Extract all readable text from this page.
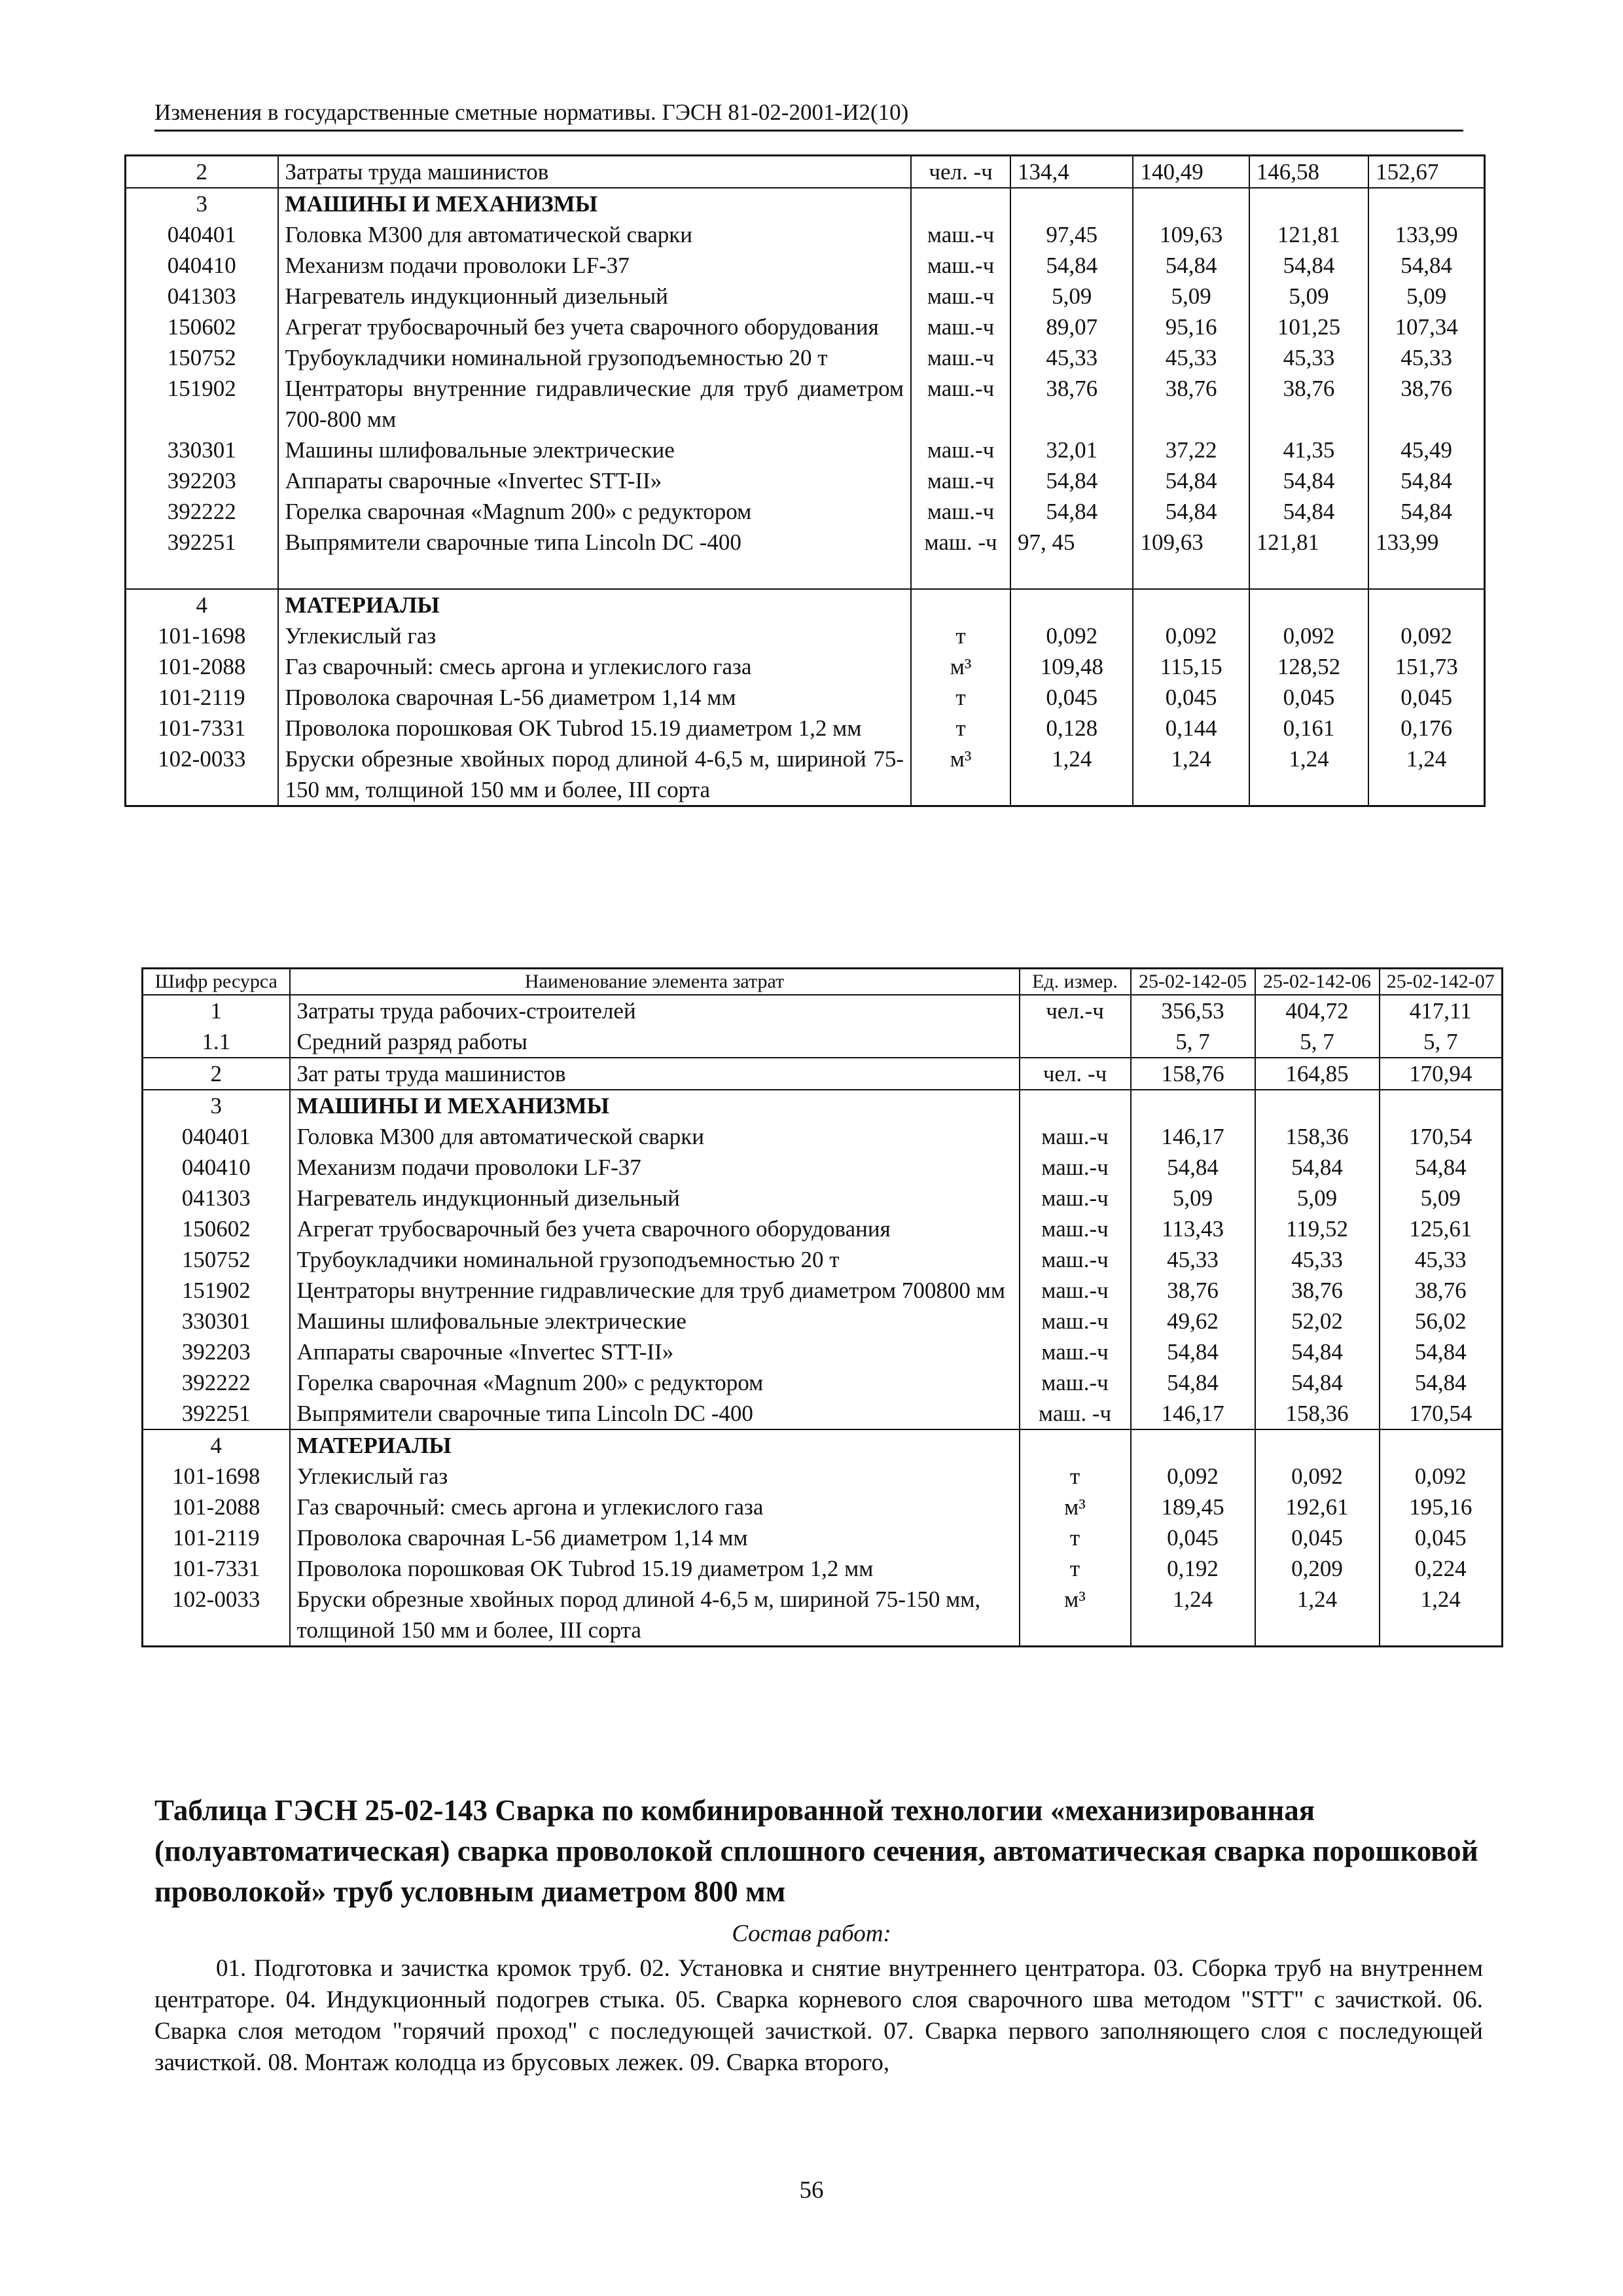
Изменения в государственные сметные нормативы. ГЭСН 81-02-2001-И2(10)
2	Затраты труда машинистов	чел. -ч	134,4	140,49	146,58	152,67
3	МАШИНЫ И МЕХАНИЗМЫ					
040401	Головка М300 для автоматической сварки	маш.-ч	97,45	109,63	121,81	133,99
040410	Механизм подачи проволоки LF-37	маш.-ч	54,84	54,84	54,84	54,84
041303	Нагреватель индукционный дизельный	маш.-ч	5,09	5,09	5,09	5,09
150602	Агрегат трубосварочный без учета сварочного оборудования	маш.-ч	89,07	95,16	101,25	107,34
150752	Трубоукладчики номинальной грузоподъемностью 20 т	маш.-ч	45,33	45,33	45,33	45,33
151902	Центраторы внутренние гидравлические для труб диаметром 700-800 мм	маш.-ч	38,76	38,76	38,76	38,76
330301	Машины шлифовальные электрические	маш.-ч	32,01	37,22	41,35	45,49
392203	Аппараты сварочные «Invertec STT-II»	маш.-ч	54,84	54,84	54,84	54,84
392222	Горелка сварочная «Magnum 200» с редуктором	маш.-ч	54,84	54,84	54,84	54,84
392251	Выпрямители сварочные типа Lincoln DC -400	маш. -ч	97, 45	109,63	121,81	133,99

4	МАТЕРИАЛЫ					
101-1698	Углекислый газ	т	0,092	0,092	0,092	0,092
101-2088	Газ сварочный: смесь аргона и углекислого газа	м³	109,48	115,15	128,52	151,73
101-2119	Проволока сварочная L-56 диаметром 1,14 мм	т	0,045	0,045	0,045	0,045
101-7331	Проволока порошковая OK Tubrod 15.19 диаметром 1,2 мм	т	0,128	0,144	0,161	0,176
102-0033	Бруски обрезные хвойных пород длиной 4-6,5 м, шириной 75-150 мм, толщиной 150 мм и более, III сорта	м³	1,24	1,24	1,24	1,24
Шифр ресурса	Наименование элемента затрат	Ед. измер.	25-02-142-05	25-02-142-06	25-02-142-07
1	Затраты труда рабочих-строителей	чел.-ч	356,53	404,72	417,11
1.1	Средний разряд работы		5, 7	5, 7	5, 7
2	Зат раты труда машинистов	чел. -ч	158,76	164,85	170,94
3	МАШИНЫ И МЕХАНИЗМЫ				
040401	Головка М300 для автоматической сварки	маш.-ч	146,17	158,36	170,54
040410	Механизм подачи проволоки LF-37	маш.-ч	54,84	54,84	54,84
041303	Нагреватель индукционный дизельный	маш.-ч	5,09	5,09	5,09
150602	Агрегат трубосварочный без учета сварочного оборудования	маш.-ч	113,43	119,52	125,61
150752	Трубоукладчики номинальной грузоподъемностью 20 т	маш.-ч	45,33	45,33	45,33
151902	Центраторы внутренние гидравлические для труб диаметром 700800 мм	маш.-ч	38,76	38,76	38,76
330301	Машины шлифовальные электрические	маш.-ч	49,62	52,02	56,02
392203	Аппараты сварочные «Invertec STT-II»	маш.-ч	54,84	54,84	54,84
392222	Горелка сварочная «Magnum 200» с редуктором	маш.-ч	54,84	54,84	54,84
392251	Выпрямители сварочные типа Lincoln DC -400	маш. -ч	146,17	158,36	170,54
4	МАТЕРИАЛЫ				
101-1698	Углекислый газ	т	0,092	0,092	0,092
101-2088	Газ сварочный: смесь аргона и углекислого газа	м³	189,45	192,61	195,16
101-2119	Проволока сварочная L-56 диаметром 1,14 мм	т	0,045	0,045	0,045
101-7331	Проволока порошковая OK Tubrod 15.19 диаметром 1,2 мм	т	0,192	0,209	0,224
102-0033	Бруски обрезные хвойных пород длиной 4-6,5 м, шириной 75-150 мм, толщиной 150 мм и более, III сорта	м³	1,24	1,24	1,24
Таблица ГЭСН 25-02-143 Сварка по комбинированной технологии «механизированная (полуавтоматическая) сварка проволокой сплошного сечения, автоматическая сварка порошковой проволокой» труб условным диаметром 800 мм
Состав работ:
01. Подготовка и зачистка кромок труб. 02. Установка и снятие внутреннего центратора. 03. Сборка труб на внутреннем центраторе. 04. Индукционный подогрев стыка. 05. Сварка корневого слоя сварочного шва методом "STT" с зачисткой. 06. Сварка слоя методом "горячий проход" с последующей зачисткой. 07. Сварка первого заполняющего слоя с последующей зачисткой. 08. Монтаж колодца из брусовых лежек. 09. Сварка второго,
56
